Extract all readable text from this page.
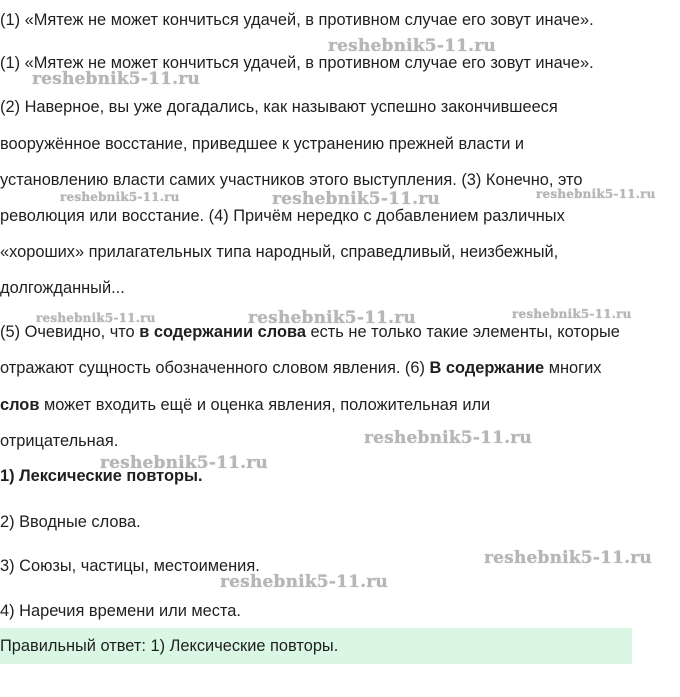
(1) «Мятеж не может кончиться удачей, в противном случае его зовут иначе».
(1) «Мятеж не может кончиться удачей, в противном случае его зовут иначе».
(2) Наверное, вы уже догадались, как называют успешно закончившееся
вооружённое восстание, приведшее к устранению прежней власти и
установлению власти самих участников этого выступления. (3) Конечно, это
революция или восстание. (4) Причём нередко с добавлением различных
«хороших» прилагательных типа народный, справедливый, неизбежный,
долгожданный...
(5) Очевидно, что в содержании слова есть не только такие элементы, которые
отражают сущность обозначенного словом явления. (6) В содержание многих
слов может входить ещё и оценка явления, положительная или
отрицательная.
1) Лексические повторы.
2) Вводные слова.
3) Союзы, частицы, местоимения.
4) Наречия времени или места.
Правильный ответ: 1) Лексические повторы.
reshebnik5-11.ru
reshebnik5-11.ru
reshebnik5-11.ru	reshebnik5-11.ru	reshebnik5-11.ru
reshebnik5-11.ru	reshebnik5-11.ru	reshebnik5-11.ru
reshebnik5-11.ru
reshebnik5-11.ru
reshebnik5-11.ru
reshebnik5-11.ru
